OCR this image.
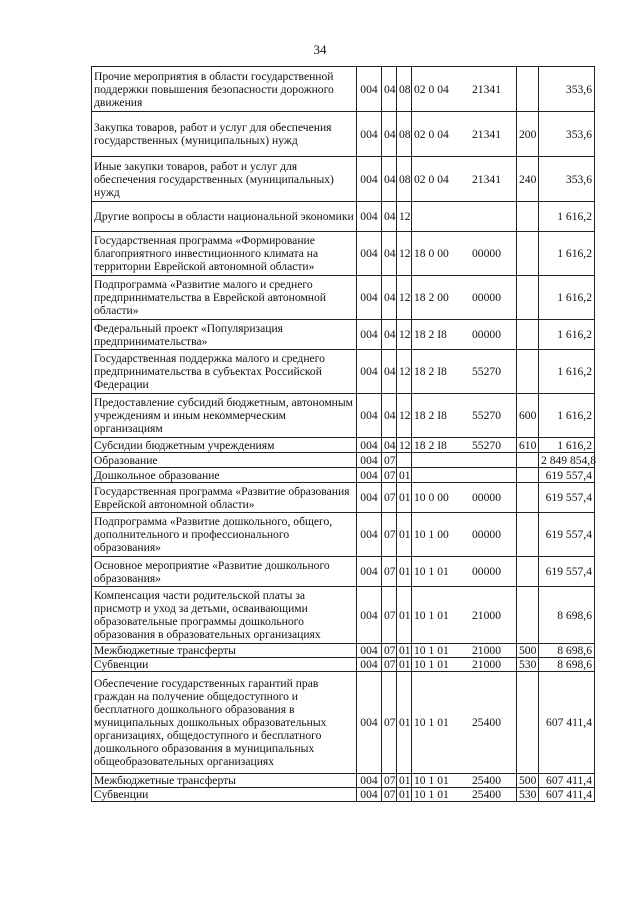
34
Прочие мероприятия в области государственной поддержки повышения безопасности дорожного движения	004	04	08	02 0 04 21341		353,6
Закупка товаров, работ и услуг для обеспечения государственных (муниципальных) нужд	004	04	08	02 0 04 21341	200	353,6
Иные закупки товаров, работ и услуг для обеспечения государственных (муниципальных) нужд	004	04	08	02 0 04 21341	240	353,6
Другие вопросы в области национальной экономики	004	04	12			1 616,2
Государственная программа «Формирование благоприятного инвестиционного климата на территории Еврейской автономной области»	004	04	12	18 0 00 00000		1 616,2
Подпрограмма «Развитие малого и среднего предпринимательства в Еврейской автономной области»	004	04	12	18 2 00 00000		1 616,2
Федеральный проект «Популяризация предпринимательства»	004	04	12	18 2 I8 00000		1 616,2
Государственная поддержка малого и среднего предпринимательства в субъектах Российской Федерации	004	04	12	18 2 I8 55270		1 616,2
Предоставление субсидий бюджетным, автономным учреждениям и иным некоммерческим организациям	004	04	12	18 2 I8 55270	600	1 616,2
Субсидии бюджетным учреждениям	004	04	12	18 2 I8 55270	610	1 616,2
Образование	004	07				2 849 854,8
Дошкольное образование	004	07	01			619 557,4
Государственная программа «Развитие образования Еврейской автономной области»	004	07	01	10 0 00 00000		619 557,4
Подпрограмма «Развитие дошкольного, общего, дополнительного и профессионального образования»	004	07	01	10 1 00 00000		619 557,4
Основное мероприятие «Развитие дошкольного образования»	004	07	01	10 1 01 00000		619 557,4
Компенсация части родительской платы за присмотр и уход за детьми, осваивающими образовательные программы дошкольного образования в образовательных организациях	004	07	01	10 1 01 21000		8 698,6
Межбюджетные трансферты	004	07	01	10 1 01 21000	500	8 698,6
Субвенции	004	07	01	10 1 01 21000	530	8 698,6
Обеспечение государственных гарантий прав граждан на получение общедоступного и бесплатного дошкольного образования в муниципальных дошкольных образовательных организациях, общедоступного и бесплатного дошкольного образования в муниципальных общеобразовательных организациях	004	07	01	10 1 01 25400		607 411,4
Межбюджетные трансферты	004	07	01	10 1 01 25400	500	607 411,4
Субвенции	004	07	01	10 1 01 25400	530	607 411,4
